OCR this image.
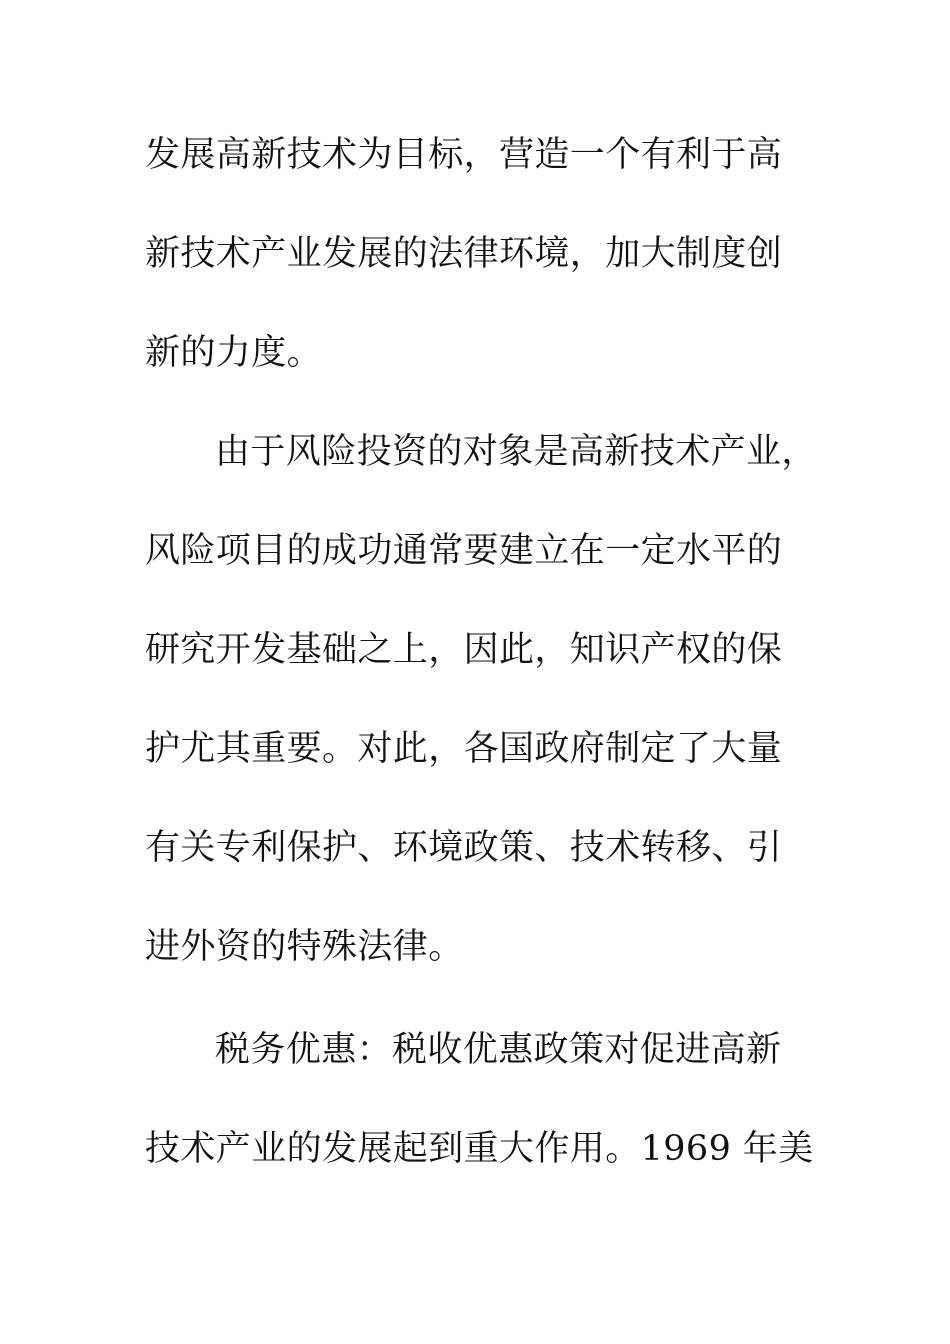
发展高新技术为目标，营造一个有利于高
新技术产业发展的法律环境，加大制度创
新的力度。
由于风险投资的对象是高新技术产业，
风险项目的成功通常要建立在一定水平的
研究开发基础之上，因此，知识产权的保
护尤其重要。对此，各国政府制定了大量
有关专利保护、环境政策、技术转移、引
进外资的特殊法律。
税务优惠：税收优惠政策对促进高新
技术产业的发展起到重大作用。1969 年美
